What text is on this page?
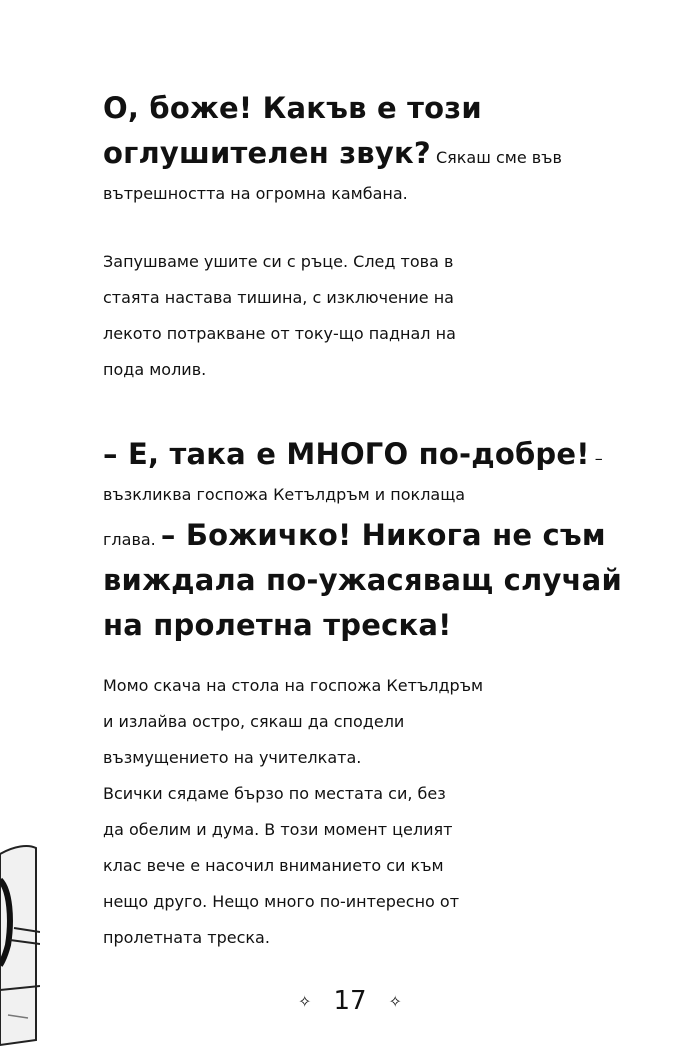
О, боже! Какъв е този
оглушителен звук? Сякаш сме във
вътрешността на огромна камбана.
Запушваме ушите си с ръце. След това в
стаята настава тишина, с изключение на
лекото потракване от току-що паднал на
пода молив.
– Е, така е МНОГО по-добре! –
възкликва госпожа Кетълдръм и поклаща
глава. – Божичко! Никога не съм
виждала по-ужасяващ случай
на пролетна треска!
Момо скача на стола на госпожа Кетълдръм
и излайва остро, сякаш да сподели
възмущението на учителката.
Всички сядаме бързо по местата си, без
да обелим и дума. В този момент целият
клас вече е насочил вниманието си към
нещо друго. Нещо много по-интересно от
пролетната треска.
✧ 17 ✧
